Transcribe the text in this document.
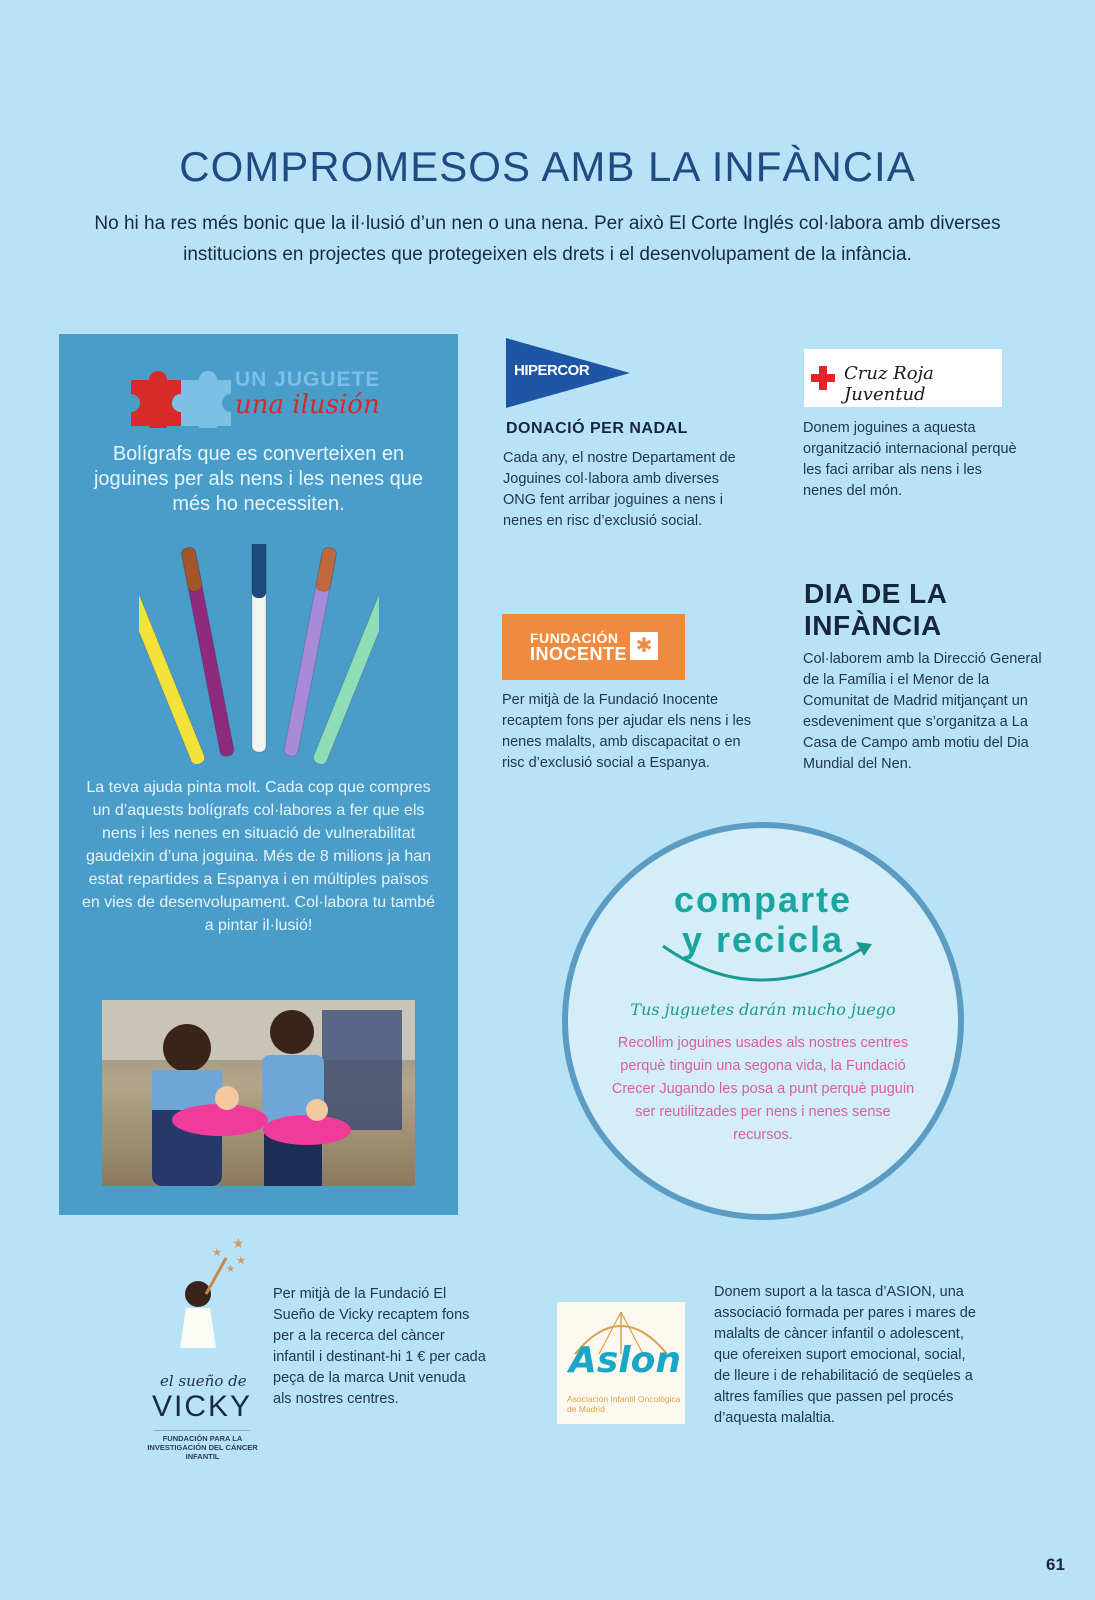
COMPROMESOS AMB LA INFÀNCIA

No hi ha res més bonic que la il·lusió d’un nen o una nena. Per això El Corte Inglés col·labora amb diverses institucions en projectes que protegeixen els drets i el desenvolupament de la infància.

UN JUGUETE
una ilusión

Bolígrafs que es converteixen en joguines per als nens i les nenes que més ho necessiten.

La teva ajuda pinta molt. Cada cop que compres un d’aquests bolígrafs col·labores a fer que els nens i les nenes en situació de vulnerabilitat gaudeixin d’una joguina. Més de 8 milions ja han estat repartides a Espanya i en múltiples països en vies de desenvolupament. Col·labora tu també a pintar il·lusió!

HIPERCOR
DONACIÓ PER NADAL

Cada any, el nostre Departament de Joguines col·labora amb diverses ONG fent arribar joguines a nens i nenes en risc d’exclusió social.

Cruz Roja Juventud

Donem joguines a aquesta organització internacional perquè les faci arribar als nens i les nenes del món.

FUNDACIÓN
INOCENTE ✱

Per mitjà de la Fundació Inocente recaptem fons per ajudar els nens i les nenes malalts, amb discapacitat o en risc d’exclusió social a Espanya.

DIA DE LA
INFÀNCIA

Col·laborem amb la Direcció General de la Família i el Menor de la Comunitat de Madrid mitjançant un esdeveniment que s’organitza a La Casa de Campo amb motiu del Dia Mundial del Nen.

comparte
y recicla
Tus juguetes darán mucho juego

Recollim joguines usades als nostres centres perquè tinguin una segona vida, la Fundació Crecer Jugando les posa a punt perquè puguin ser reutilitzades per nens i nenes sense recursos.

★
★
★
★
el sueño de
VICKY
FUNDACIÓN PARA LA INVESTIGACIÓN DEL CÁNCER INFANTIL

Per mitjà de la Fundació El Sueño de Vicky recaptem fons per a la recerca del càncer infantil i destinant-hi 1 € per cada peça de la marca Unit venuda als nostres centres.

Aslon
Asociación Infantil Oncológica de Madrid

Donem suport a la tasca d’ASION, una associació formada per pares i mares de malalts de càncer infantil o adolescent, que ofereixen suport emocional, social, de lleure i de rehabilitació de seqüeles a altres famílies que passen pel procés d’aquesta malaltia.

61
